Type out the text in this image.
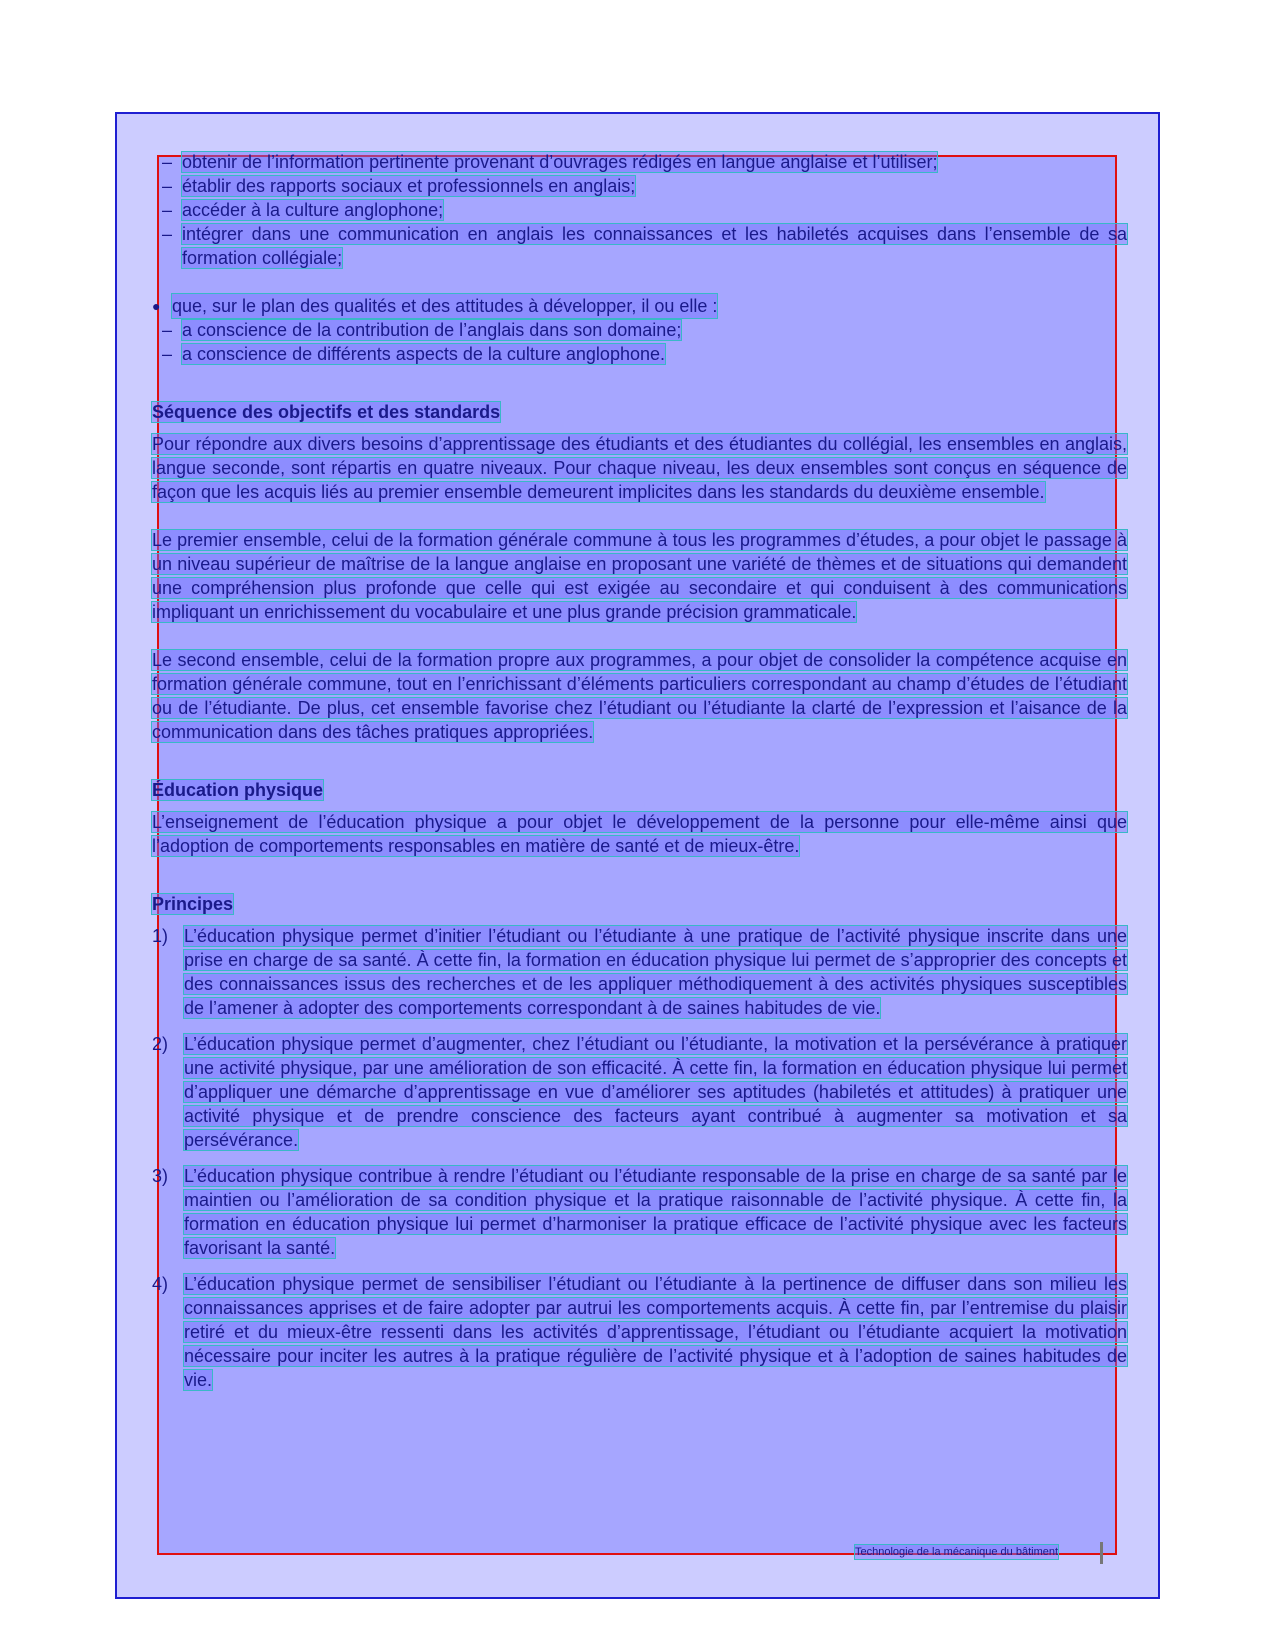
– obtenir de l’information pertinente provenant d’ouvrages rédigés en langue anglaise et l’utiliser;
– établir des rapports sociaux et professionnels en anglais;
– accéder à la culture anglophone;
– intégrer dans une communication en anglais les connaissances et les habiletés acquises dans l’ensemble de sa formation collégiale;
● que, sur le plan des qualités et des attitudes à développer, il ou elle :
– a conscience de la contribution de l’anglais dans son domaine;
– a conscience de différents aspects de la culture anglophone.
Séquence des objectifs et des standards

Pour répondre aux divers besoins d’apprentissage des étudiants et des étudiantes du collégial, les ensembles en anglais, langue seconde, sont répartis en quatre niveaux. Pour chaque niveau, les deux ensembles sont conçus en séquence de façon que les acquis liés au premier ensemble demeurent implicites dans les standards du deuxième ensemble.

Le premier ensemble, celui de la formation générale commune à tous les programmes d’études, a pour objet le passage à un niveau supérieur de maîtrise de la langue anglaise en proposant une variété de thèmes et de situations qui demandent une compréhension plus profonde que celle qui est exigée au secondaire et qui conduisent à des communications impliquant un enrichissement du vocabulaire et une plus grande précision grammaticale.

Le second ensemble, celui de la formation propre aux programmes, a pour objet de consolider la compétence acquise en formation générale commune, tout en l’enrichissant d’éléments particuliers correspondant au champ d’études de l’étudiant ou de l’étudiante. De plus, cet ensemble favorise chez l’étudiant ou l’étudiante la clarté de l’expression et l’aisance de la communication dans des tâches pratiques appropriées.

Éducation physique

L’enseignement de l’éducation physique a pour objet le développement de la personne pour elle-même ainsi que l’adoption de comportements responsables en matière de santé et de mieux-être.

Principes
1) L’éducation physique permet d’initier l’étudiant ou l’étudiante à une pratique de l’activité physique inscrite dans une prise en charge de sa santé. À cette fin, la formation en éducation physique lui permet de s’approprier des concepts et des connaissances issus des recherches et de les appliquer méthodiquement à des activités physiques susceptibles de l’amener à adopter des comportements correspondant à de saines habitudes de vie.
2) L’éducation physique permet d’augmenter, chez l’étudiant ou l’étudiante, la motivation et la persévérance à pratiquer une activité physique, par une amélioration de son efficacité. À cette fin, la formation en éducation physique lui permet d’appliquer une démarche d’apprentissage en vue d’améliorer ses aptitudes (habiletés et attitudes) à pratiquer une activité physique et de prendre conscience des facteurs ayant contribué à augmenter sa motivation et sa persévérance.
3) L’éducation physique contribue à rendre l’étudiant ou l’étudiante responsable de la prise en charge de sa santé par le maintien ou l’amélioration de sa condition physique et la pratique raisonnable de l’activité physique. À cette fin, la formation en éducation physique lui permet d’harmoniser la pratique efficace de l’activité physique avec les facteurs favorisant la santé.
4) L’éducation physique permet de sensibiliser l’étudiant ou l’étudiante à la pertinence de diffuser dans son milieu les connaissances apprises et de faire adopter par autrui les comportements acquis. À cette fin, par l’entremise du plaisir retiré et du mieux-être ressenti dans les activités d’apprentissage, l’étudiant ou l’étudiante acquiert la motivation nécessaire pour inciter les autres à la pratique régulière de l’activité physique et à l’adoption de saines habitudes de vie.
Technologie de la mécanique du bâtiment
